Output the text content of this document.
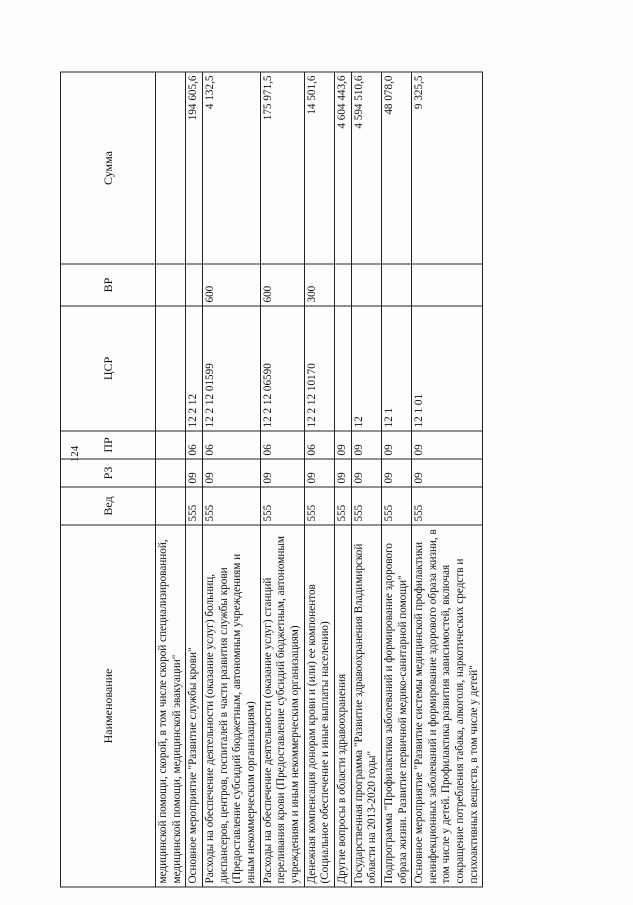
124
Наименование	Вед	РЗ	ПР	ЦСР	ВР	Сумма
медицинской помощи, скорой, в том числе скорой специализированной, медицинской помощи, медицинской эвакуации"						
Основное мероприятие "Развитие службы крови"	555	09	06	12 2 12		194 605,6
Расходы на обеспечение деятельности (оказание услуг) больниц, диспансеров, центров, госпиталей в части развития службы крови (Предоставление субсидий бюджетным, автономным учреждениям и иным некоммерческим организациям)	555	09	06	12 2 12 01599	600	4 132,5
Расходы на обеспечение деятельности (оказание услуг) станций переливания крови (Предоставление субсидий бюджетным, автономным учреждениям и иным некоммерческим организациям)	555	09	06	12 2 12 06590	600	175 971,5
Денежная компенсация донорам крови и (или) ее компонентов (Социальное обеспечение и иные выплаты населению)	555	09	06	12 2 12 10170	300	14 501,6
Другие вопросы в области здравоохранения	555	09	09			4 604 443,6
Государственная программа "Развитие здравоохранения Владимирской области на 2013-2020 годы"	555	09	09	12		4 594 510,6
Подпрограмма "Профилактика заболеваний и формирование здорового образа жизни. Развитие первичной медико-санитарной помощи"	555	09	09	12 1		48 078,0
Основное мероприятие "Развитие системы медицинской профилактики неинфекционных заболеваний и формирование здорового образа жизни, в том числе у детей. Профилактика развития зависимостей, включая сокращение потребления табака, алкоголя, наркотических средств и психоактивных веществ, в том числе у детей"	555	09	09	12 1 01		9 325,5
